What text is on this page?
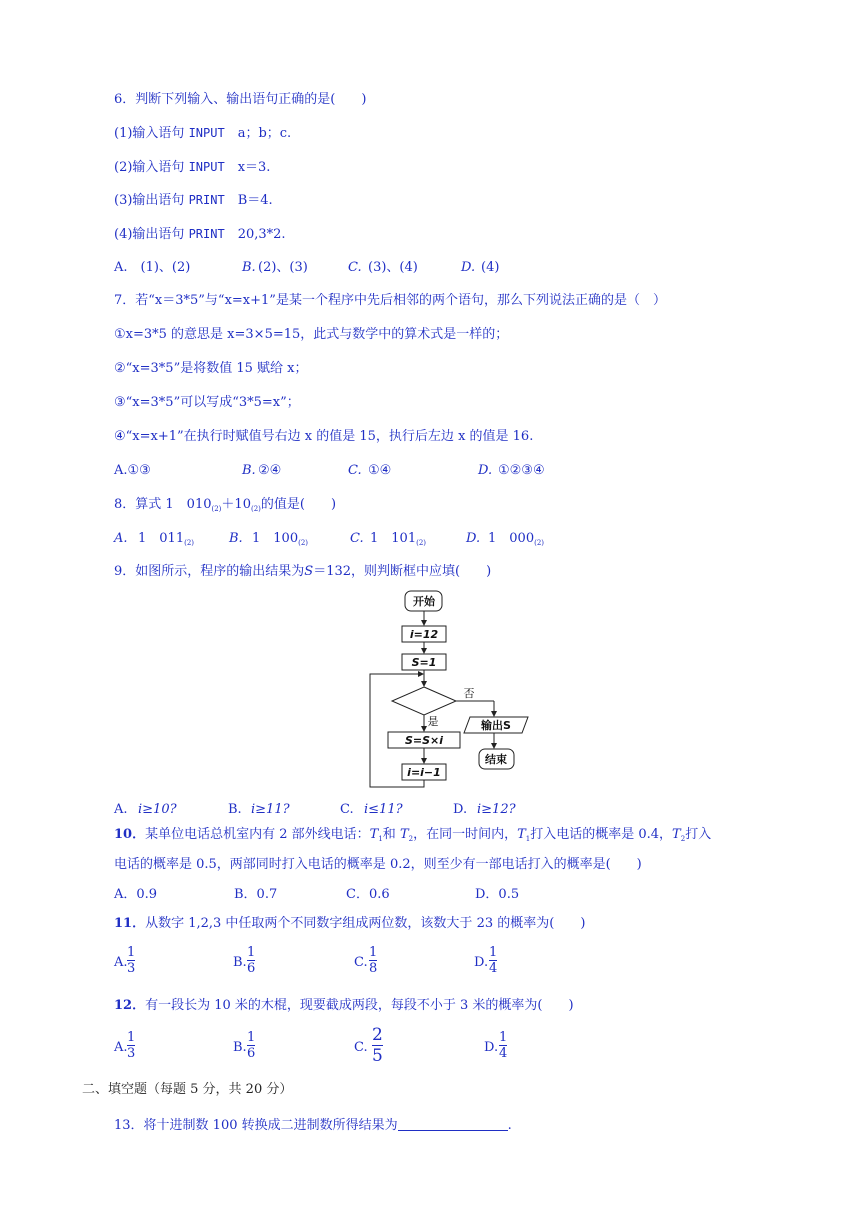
6．判断下列输入、输出语句正确的是(　　)
(1)输入语句 INPUT　a；b；c.
(2)输入语句 INPUT　x＝3.
(3)输出语句 PRINT　B＝4.
(4)输出语句 PRINT　20,3*2.
A.　(1)、(2)	B. (2)、(3)	C. (3)、(4)	D. (4)
7．若“x＝3*5”与“x=x+1”是某一个程序中先后相邻的两个语句，那么下列说法正确的是（　）
①x=3*5 的意思是 x=3×5=15，此式与数学中的算术式是一样的；
②“x=3*5”是将数值 15 赋给 x；
③“x=3*5”可以写成“3*5=x”；
④“x=x+1”在执行时赋值号右边 x 的值是 15，执行后左边 x 的值是 16.
A.①③	B. ②④	C. ①④	D. ①②③④
8．算式 1　$010_{(2)}+10_{(2)}$的值是(　　)
A. 1　$011_{(2)}$	B. 1　$100_{(2)}$	C. 1　$101_{(2)}$	D. 1　$000_{(2)}$
9．如图所示，程序的输出结果为S＝132，则判断框中应填(　　)
开始
i=12
S=1
否
是	输出S
S=S×i
i=i−1
结束
A. i≥10?	B. i≥11?	C. i≤11?	D. i≥12?
10．某单位电话总机室内有 2 部外线电话：$T_1$和 $T_2$，在同一时间内，$T_1$打入电话的概率是 0.4，$T_2$打入
电话的概率是 0.5，两部同时打入电话的概率是 0.2，则至少有一部电话打入的概率是(　　)
A．0.9	B．0.7	C．0.6	D．0.5
11．从数字 1,2,3 中任取两个不同数字组成两位数，该数大于 23 的概率为(　　)
A.
1
3	B.
1
6	C.
1
8	D.
1
4
12．有一段长为 10 米的木棍，现要截成两段，每段不小于 3 米的概率为(　　)
A.
1
3	B.
1
6	C.
2
5	D.
1
4
二、填空题（每题 5 分，共 20 分）
13．将十进制数 100 转换成二进制数所得结果为	.
